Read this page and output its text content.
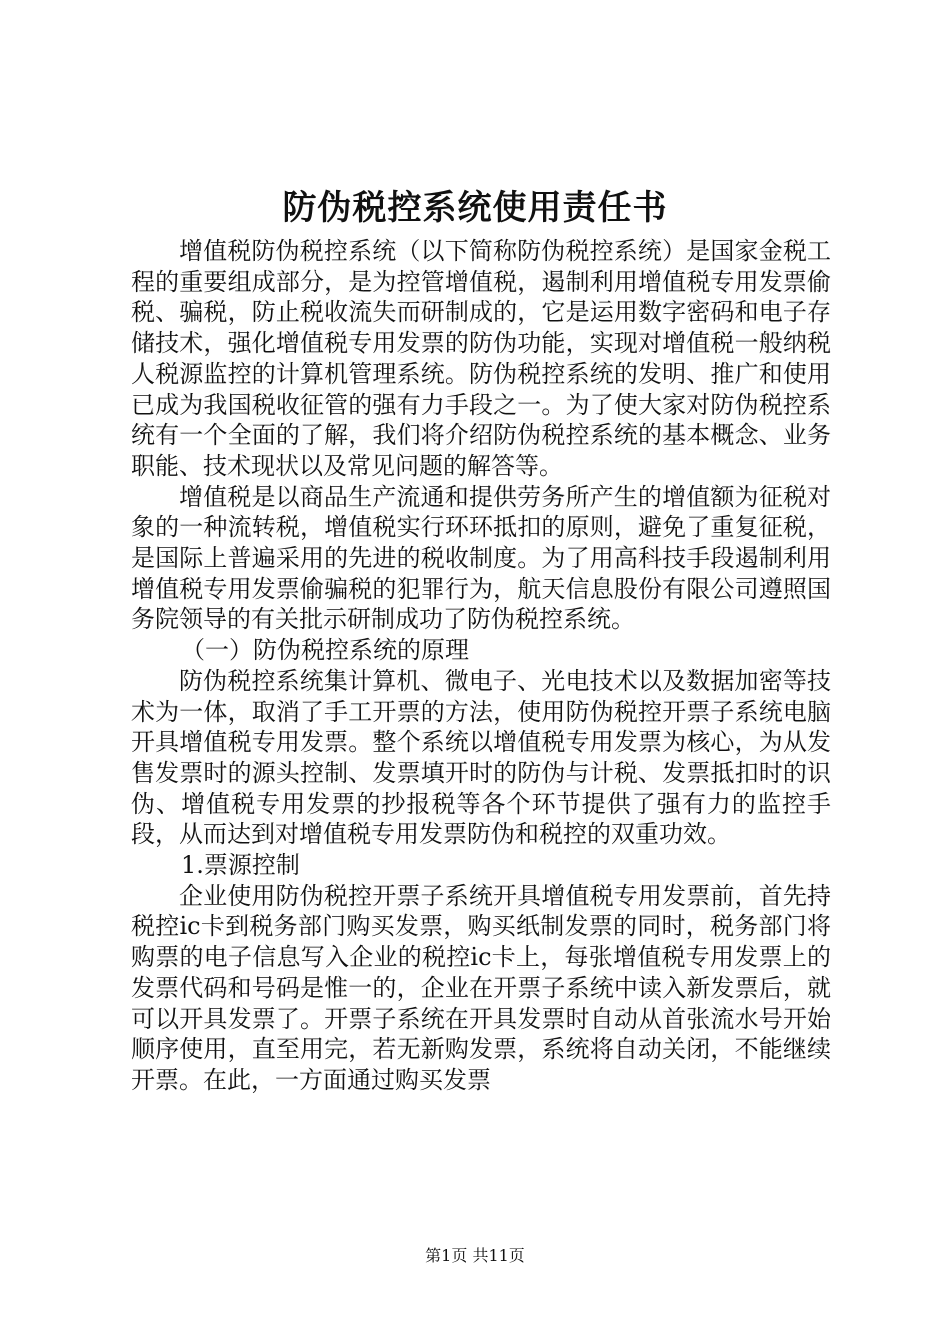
防伪税控系统使用责任书

增值税防伪税控系统（以下简称防伪税控系统）是国家金税工程的重要组成部分，是为控管增值税，遏制利用增值税专用发票偷税、骗税，防止税收流失而研制成的，它是运用数字密码和电子存储技术，强化增值税专用发票的防伪功能，实现对增值税一般纳税人税源监控的计算机管理系统。防伪税控系统的发明、推广和使用已成为我国税收征管的强有力手段之一。为了使大家对防伪税控系统有一个全面的了解，我们将介绍防伪税控系统的基本概念、业务职能、技术现状以及常见问题的解答等。

增值税是以商品生产流通和提供劳务所产生的增值额为征税对象的一种流转税，增值税实行环环抵扣的原则，避免了重复征税，是国际上普遍采用的先进的税收制度。为了用高科技手段遏制利用增值税专用发票偷骗税的犯罪行为，航天信息股份有限公司遵照国务院领导的有关批示研制成功了防伪税控系统。

（一）防伪税控系统的原理

防伪税控系统集计算机、微电子、光电技术以及数据加密等技术为一体，取消了手工开票的方法，使用防伪税控开票子系统电脑开具增值税专用发票。整个系统以增值税专用发票为核心，为从发售发票时的源头控制、发票填开时的防伪与计税、发票抵扣时的识伪、增值税专用发票的抄报税等各个环节提供了强有力的监控手段，从而达到对增值税专用发票防伪和税控的双重功效。

1.票源控制

企业使用防伪税控开票子系统开具增值税专用发票前，首先持税控ic卡到税务部门购买发票，购买纸制发票的同时，税务部门将购票的电子信息写入企业的税控ic卡上，每张增值税专用发票上的发票代码和号码是惟一的，企业在开票子系统中读入新发票后，就可以开具发票了。开票子系统在开具发票时自动从首张流水号开始顺序使用，直至用完，若无新购发票，系统将自动关闭，不能继续开票。在此，一方面通过购买发票

第1页 共11页
